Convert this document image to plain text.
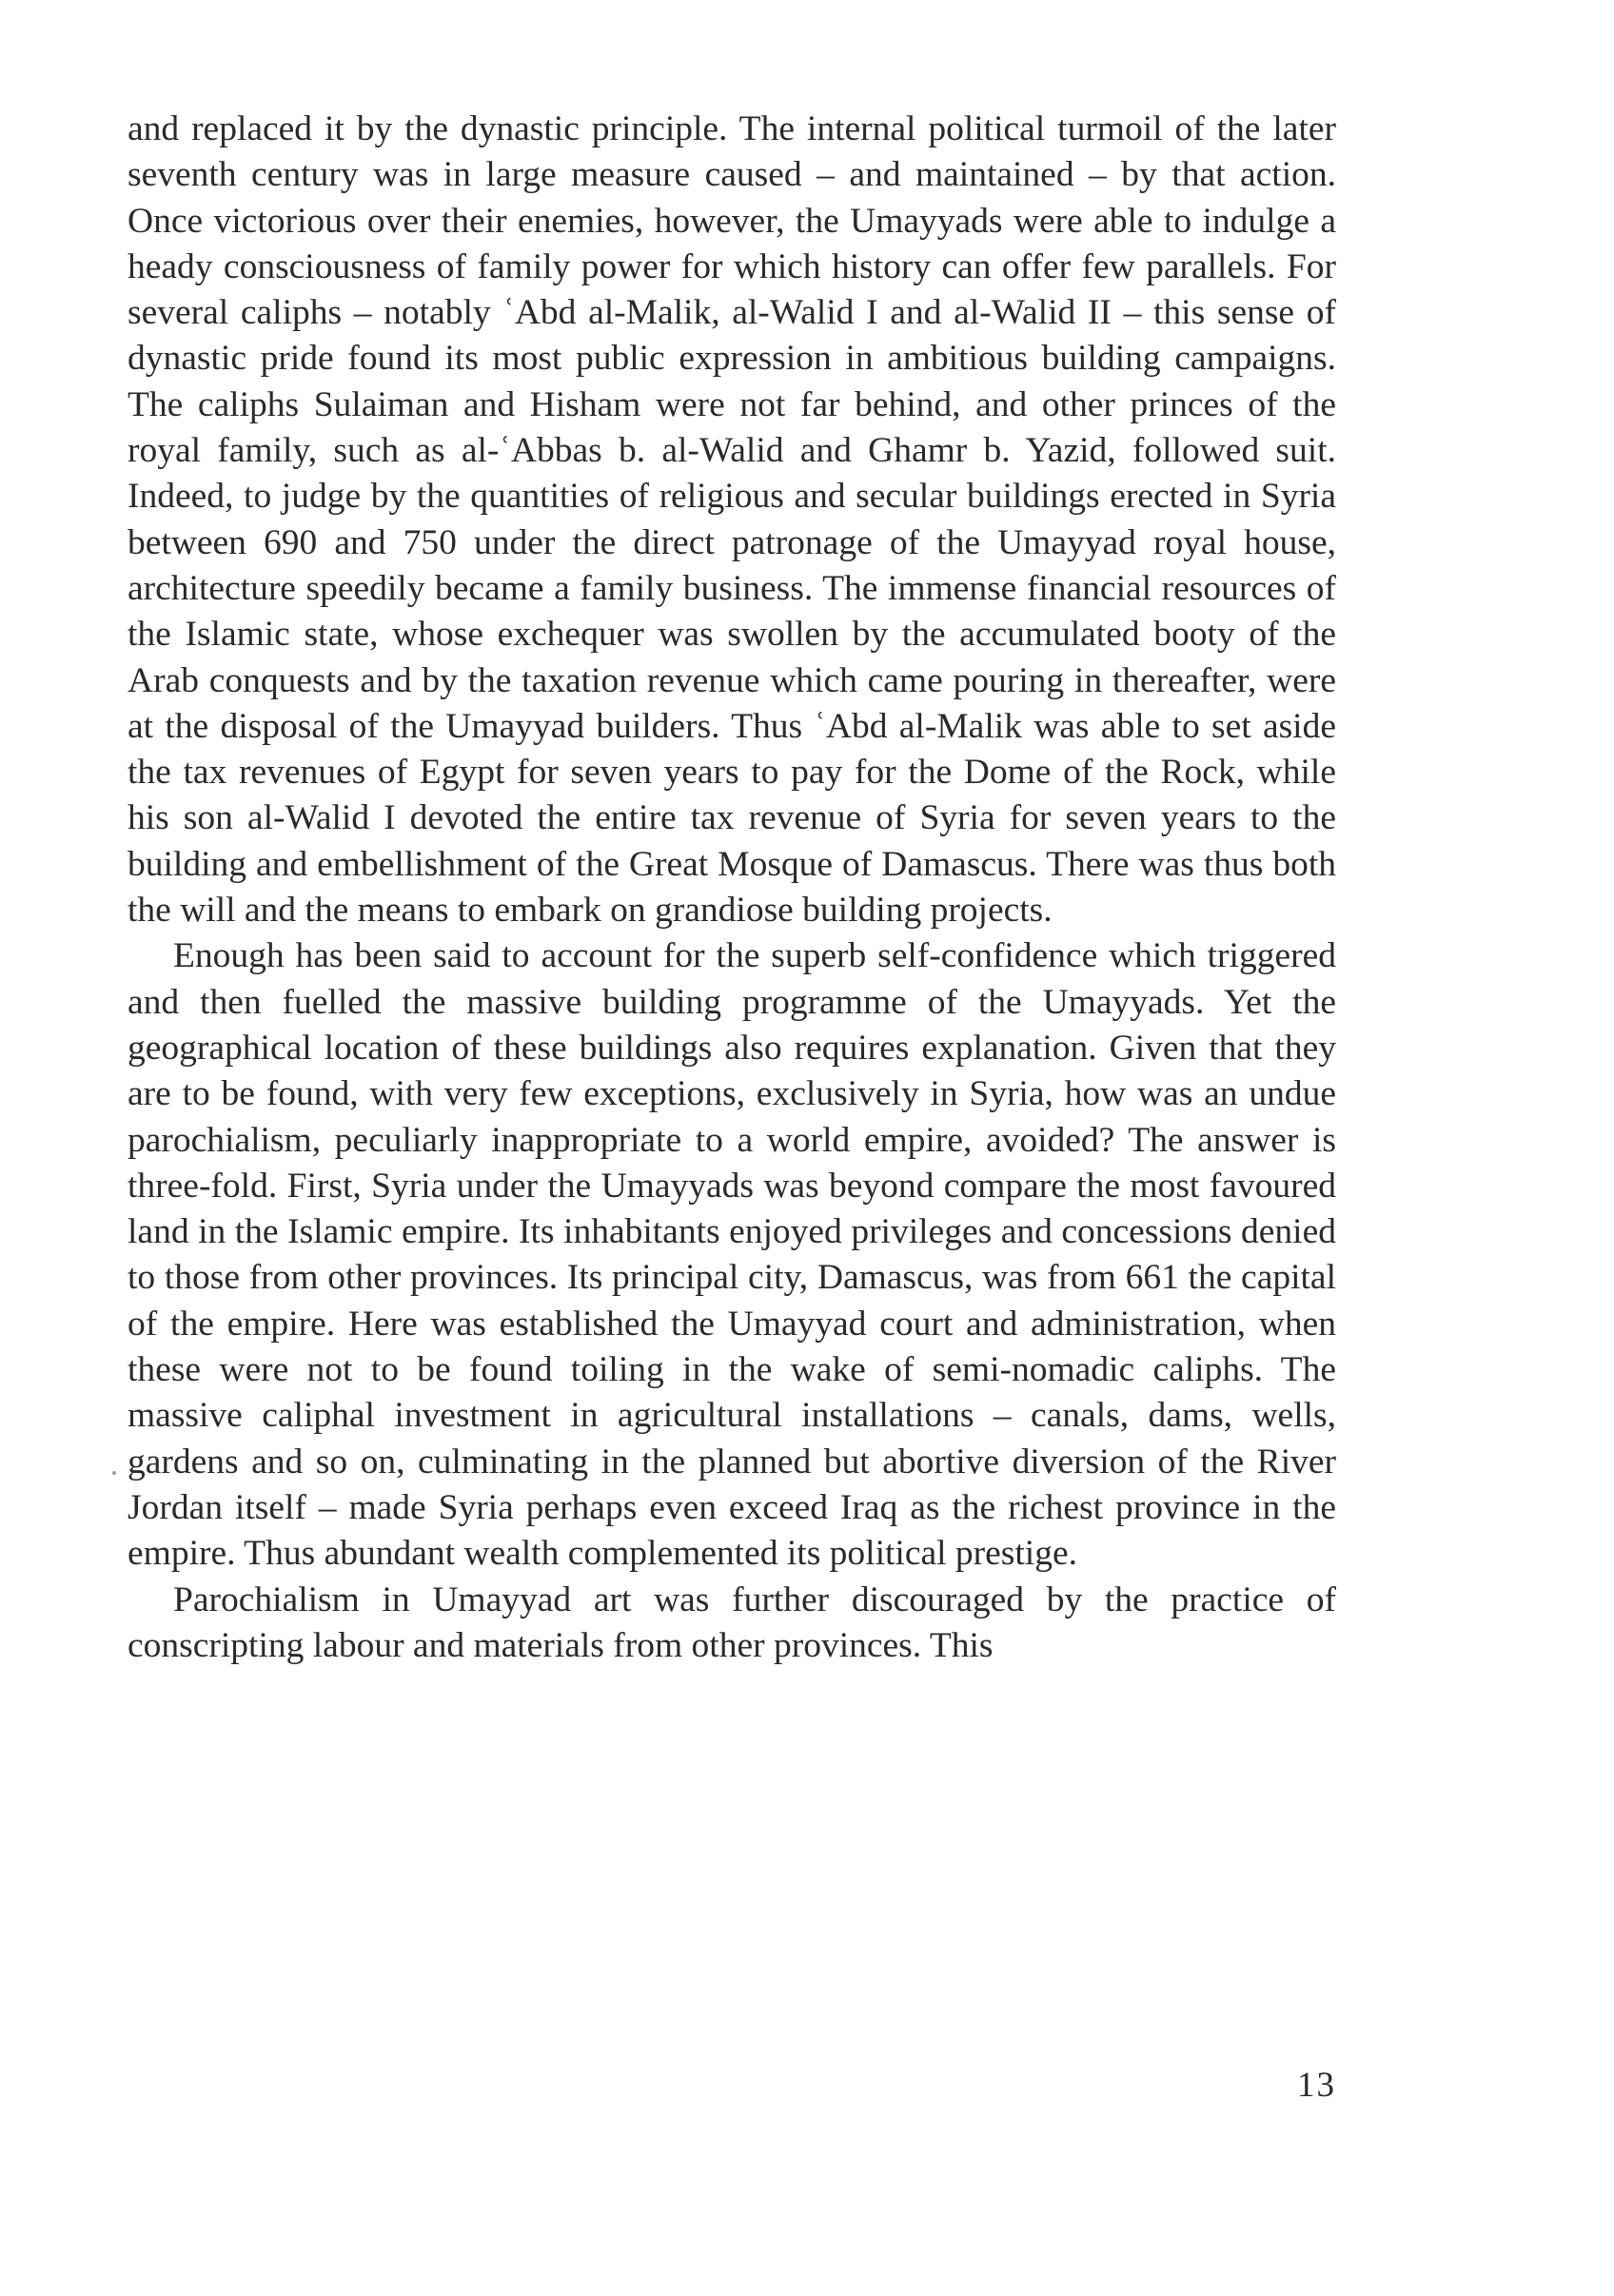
and replaced it by the dynastic principle. The internal political turmoil of the later seventh century was in large measure caused – and maintained – by that action. Once victorious over their enemies, however, the Umayyads were able to indulge a heady consciousness of family power for which history can offer few parallels. For several caliphs – notably ʿAbd al-Malik, al-Walid I and al-Walid II – this sense of dynastic pride found its most public expression in ambitious building campaigns. The caliphs Sulaiman and Hisham were not far behind, and other princes of the royal family, such as al-ʿAbbas b. al-Walid and Ghamr b. Yazid, followed suit. Indeed, to judge by the quantities of religious and secular buildings erected in Syria between 690 and 750 under the direct patronage of the Umayyad royal house, architecture speedily became a family business. The immense financial resources of the Islamic state, whose exchequer was swollen by the accumulated booty of the Arab conquests and by the taxation revenue which came pouring in thereafter, were at the disposal of the Umayyad builders. Thus ʿAbd al-Malik was able to set aside the tax revenues of Egypt for seven years to pay for the Dome of the Rock, while his son al-Walid I devoted the entire tax revenue of Syria for seven years to the building and embellishment of the Great Mosque of Damascus. There was thus both the will and the means to embark on grandiose building projects.

Enough has been said to account for the superb self-confidence which triggered and then fuelled the massive building programme of the Umayyads. Yet the geographical location of these buildings also requires explanation. Given that they are to be found, with very few exceptions, exclusively in Syria, how was an undue parochialism, peculiarly inappropriate to a world empire, avoided? The answer is three-fold. First, Syria under the Umayyads was beyond compare the most favoured land in the Islamic empire. Its inhabitants enjoyed privileges and concessions denied to those from other provinces. Its principal city, Damascus, was from 661 the capital of the empire. Here was established the Umayyad court and administration, when these were not to be found toiling in the wake of semi-nomadic caliphs. The massive caliphal investment in agricultural installations – canals, dams, wells, gardens and so on, culminating in the planned but abortive diversion of the River Jordan itself – made Syria perhaps even exceed Iraq as the richest province in the empire. Thus abundant wealth complemented its political prestige.

Parochialism in Umayyad art was further discouraged by the practice of conscripting labour and materials from other provinces. This

13
